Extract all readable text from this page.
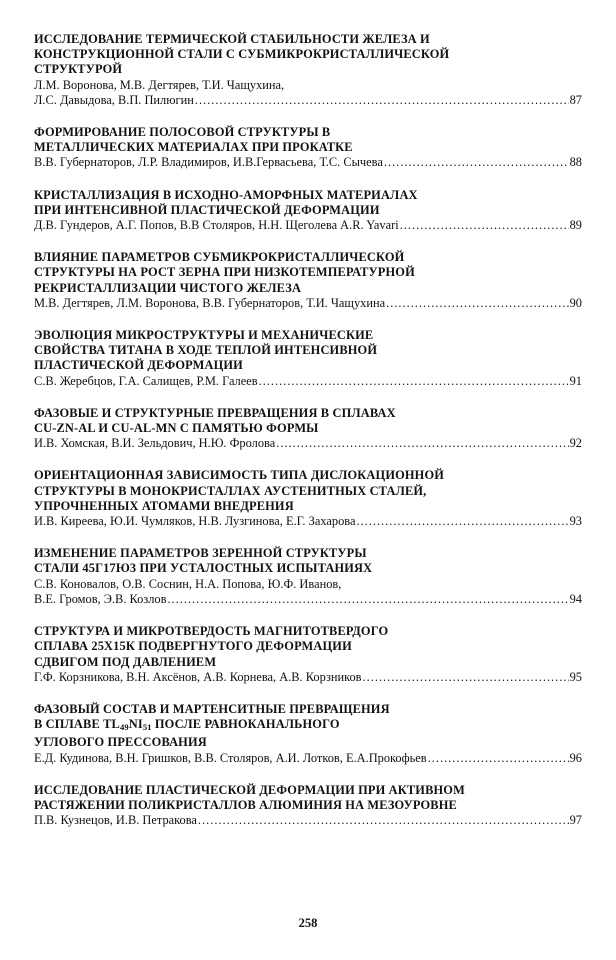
ИССЛЕДОВАНИЕ ТЕРМИЧЕСКОЙ СТАБИЛЬНОСТИ ЖЕЛЕЗА И
КОНСТРУКЦИОННОЙ СТАЛИ С СУБМИКРОКРИСТАЛЛИЧЕСКОЙ
СТРУКТУРОЙ
Л.М. Воронова, М.В. Дегтярев, Т.И. Чащухина,
Л.С. Давыдова, В.П. Пилюгин .....	87
ФОРМИРОВАНИЕ ПОЛОСОВОЙ СТРУКТУРЫ В
МЕТАЛЛИЧЕСКИХ МАТЕРИАЛАХ ПРИ ПРОКАТКЕ
В.В. Губернаторов, Л.Р. Владимиров, И.В.Гервасьева, Т.С. Сычева .....	88
КРИСТАЛЛИЗАЦИЯ В ИСХОДНО-АМОРФНЫХ МАТЕРИАЛАХ
ПРИ ИНТЕНСИВНОЙ ПЛАСТИЧЕСКОЙ ДЕФОРМАЦИИ
Д.В. Гундеров, А.Г. Попов, В.В Столяров, Н.Н. Щеголева A.R. Yavari .....	89
ВЛИЯНИЕ ПАРАМЕТРОВ СУБМИКРОКРИСТАЛЛИЧЕСКОЙ
СТРУКТУРЫ НА РОСТ ЗЕРНА ПРИ НИЗКОТЕМПЕРАТУРНОЙ
РЕКРИСТАЛЛИЗАЦИИ ЧИСТОГО ЖЕЛЕЗА
М.В. Дегтярев, Л.М. Воронова, В.В. Губернаторов, Т.И. Чащухина .....	90
ЭВОЛЮЦИЯ МИКРОСТРУКТУРЫ И МЕХАНИЧЕСКИЕ
СВОЙСТВА ТИТАНА В ХОДЕ ТЕПЛОЙ ИНТЕНСИВНОЙ
ПЛАСТИЧЕСКОЙ ДЕФОРМАЦИИ
С.В. Жеребцов, Г.А. Салищев, Р.М. Галеев .....	91
ФАЗОВЫЕ И СТРУКТУРНЫЕ ПРЕВРАЩЕНИЯ В СПЛАВАХ
CU-ZN-AL И CU-AL-MN С ПАМЯТЬЮ ФОРМЫ
И.В. Хомская, В.И. Зельдович, Н.Ю. Фролова .....	92
ОРИЕНТАЦИОННАЯ ЗАВИСИМОСТЬ ТИПА ДИСЛОКАЦИОННОЙ
СТРУКТУРЫ В МОНОКРИСТАЛЛАХ АУСТЕНИТНЫХ СТАЛЕЙ,
УПРОЧНЕННЫХ АТОМАМИ ВНЕДРЕНИЯ
И.В. Киреева, Ю.И. Чумляков, Н.В. Лузгинова, Е.Г. Захарова .....	93
ИЗМЕНЕНИЕ ПАРАМЕТРОВ ЗЕРЕННОЙ СТРУКТУРЫ
СТАЛИ 45Г17Ю3 ПРИ УСТАЛОСТНЫХ ИСПЫТАНИЯХ
С.В. Коновалов, О.В. Соснин, Н.А. Попова, Ю.Ф. Иванов,
В.Е. Громов, Э.В. Козлов .....	94
СТРУКТУРА И МИКРОТВЕРДОСТЬ МАГНИТОТВЕРДОГО
СПЛАВА 25Х15К ПОДВЕРГНУТОГО ДЕФОРМАЦИИ
СДВИГОМ ПОД ДАВЛЕНИЕМ
Г.Ф. Корзникова, В.Н. Аксёнов, А.В. Корнева, А.В. Корзников .....	95
ФАЗОВЫЙ СОСТАВ И МАРТЕНСИТНЫЕ ПРЕВРАЩЕНИЯ
В СПЛАВЕ $TL_{49}NI_{51}$ ПОСЛЕ РАВНОКАНАЛЬНОГО
УГЛОВОГО ПРЕССОВАНИЯ
Е.Д. Кудинова, В.Н. Гришков, В.В. Столяров, А.И. Лотков, Е.А.Прокофьев .....	96
ИССЛЕДОВАНИЕ ПЛАСТИЧЕСКОЙ ДЕФОРМАЦИИ ПРИ АКТИВНОМ
РАСТЯЖЕНИИ ПОЛИКРИСТАЛЛОВ АЛЮМИНИЯ НА МЕЗОУРОВНЕ
П.В. Кузнецов, И.В. Петракова .....	97
258
